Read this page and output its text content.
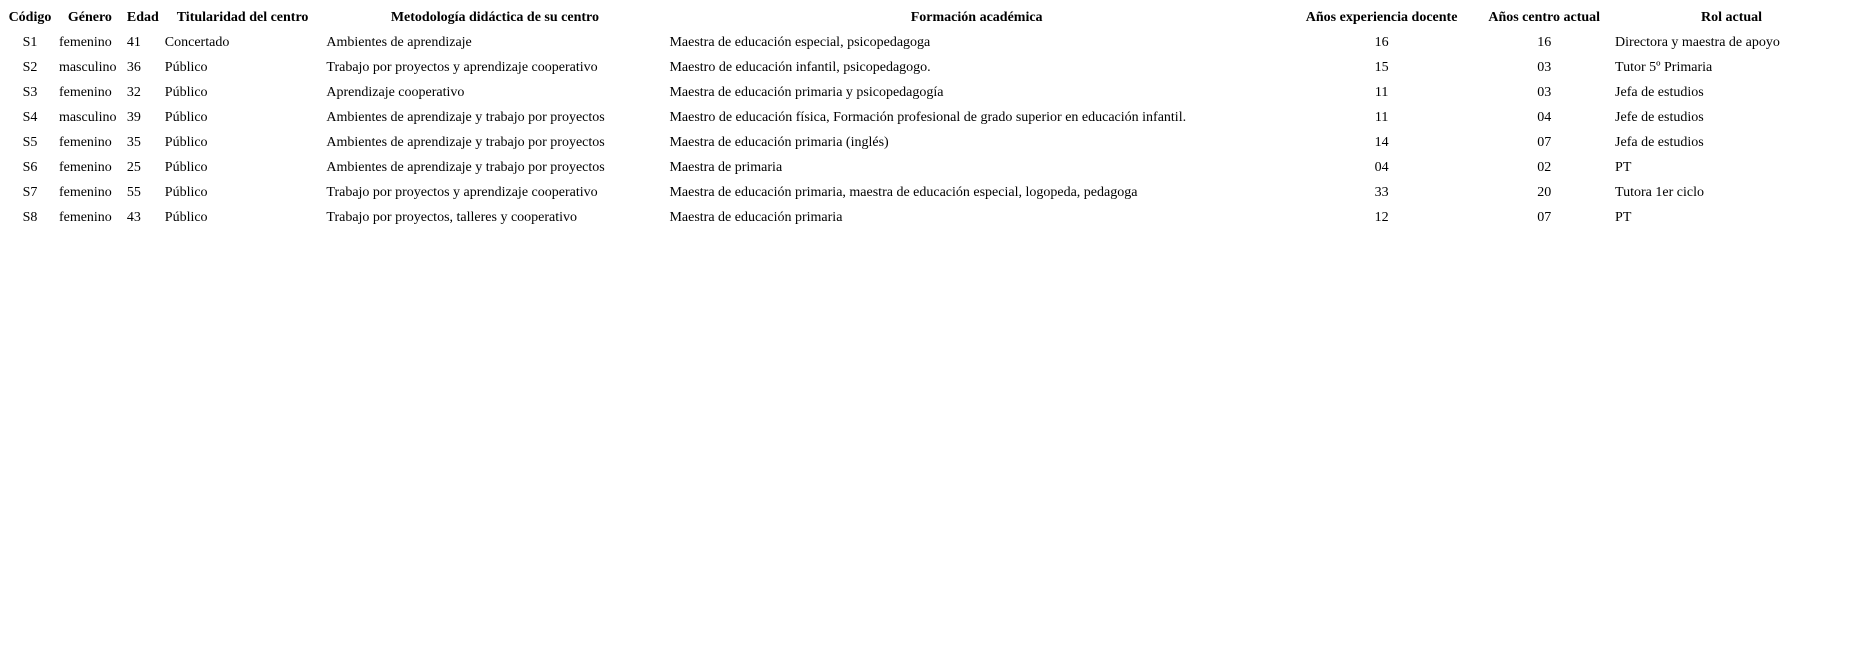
Código	Género	Edad	Titularidad del centro	Metodología didáctica de su centro	Formación académica	Años experiencia docente	Años centro actual	Rol actual
S1	femenino	41	Concertado	Ambientes de aprendizaje	Maestra de educación especial, psicopedagoga	16	16	Directora y maestra de apoyo
S2	masculino	36	Público	Trabajo por proyectos y aprendizaje cooperativo	Maestro de educación infantil, psicopedagogo.	15	03	Tutor 5º Primaria
S3	femenino	32	Público	Aprendizaje cooperativo	Maestra de educación primaria y psicopedagogía	11	03	Jefa de estudios
S4	masculino	39	Público	Ambientes de aprendizaje y trabajo por proyectos	Maestro de educación física, Formación profesional de grado superior en educación infantil.	11	04	Jefe de estudios
S5	femenino	35	Público	Ambientes de aprendizaje y trabajo por proyectos	Maestra de educación primaria (inglés)	14	07	Jefa de estudios
S6	femenino	25	Público	Ambientes de aprendizaje y trabajo por proyectos	Maestra de primaria	04	02	PT
S7	femenino	55	Público	Trabajo por proyectos y aprendizaje cooperativo	Maestra de educación primaria, maestra de educación especial, logopeda, pedagoga	33	20	Tutora 1er ciclo
S8	femenino	43	Público	Trabajo por proyectos, talleres y cooperativo	Maestra de educación primaria	12	07	PT
